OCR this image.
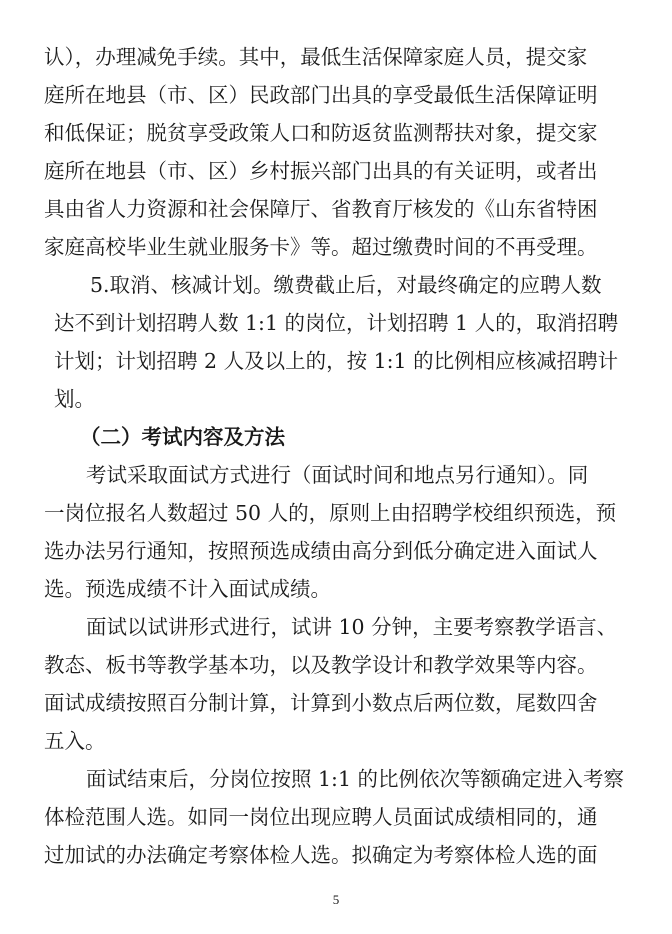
认），办理减免手续。其中，最低生活保障家庭人员，提交家

庭所在地县（市、区）民政部门出具的享受最低生活保障证明

和低保证；脱贫享受政策人口和防返贫监测帮扶对象，提交家

庭所在地县（市、区）乡村振兴部门出具的有关证明，或者出

具由省人力资源和社会保障厅、省教育厅核发的《山东省特困

家庭高校毕业生就业服务卡》等。超过缴费时间的不再受理。

5.取消、核减计划。缴费截止后，对最终确定的应聘人数

达不到计划招聘人数 1:1 的岗位，计划招聘 1 人的，取消招聘

计划；计划招聘 2 人及以上的，按 1:1 的比例相应核减招聘计

划。

（二）考试内容及方法

考试采取面试方式进行（面试时间和地点另行通知）。同

一岗位报名人数超过 50 人的，原则上由招聘学校组织预选，预

选办法另行通知，按照预选成绩由高分到低分确定进入面试人

选。预选成绩不计入面试成绩。

面试以试讲形式进行，试讲 10 分钟，主要考察教学语言、

教态、板书等教学基本功，以及教学设计和教学效果等内容。

面试成绩按照百分制计算，计算到小数点后两位数，尾数四舍

五入。

面试结束后，分岗位按照 1:1 的比例依次等额确定进入考察

体检范围人选。如同一岗位出现应聘人员面试成绩相同的，通

过加试的办法确定考察体检人选。拟确定为考察体检人选的面

5
